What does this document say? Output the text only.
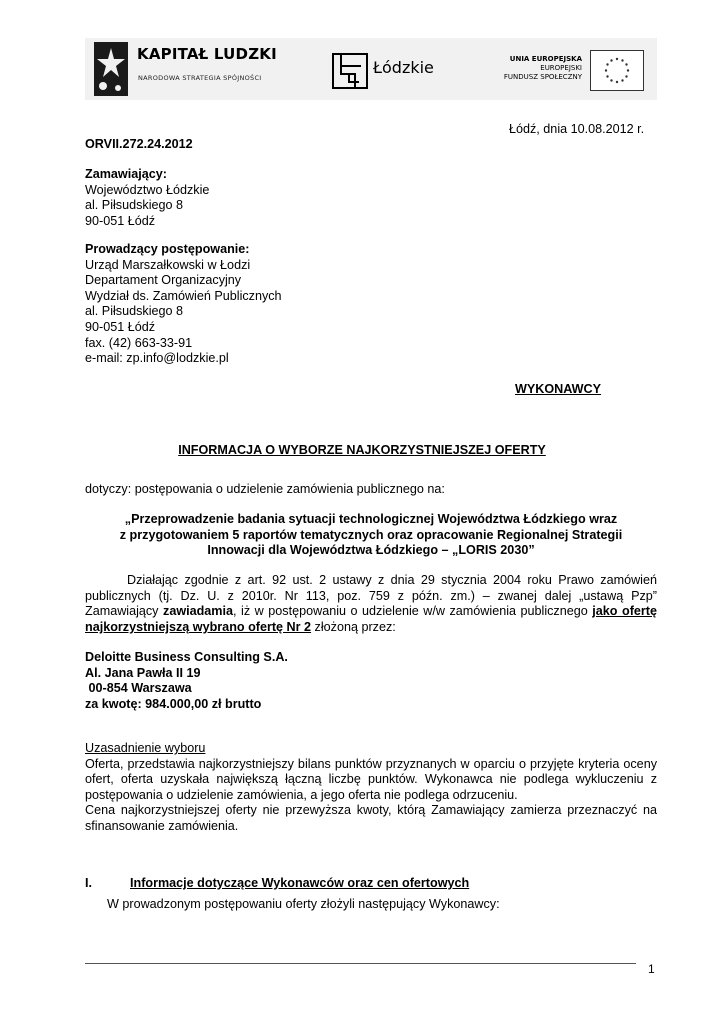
KAPITAŁ LUDZKI
NARODOWA STRATEGIA SPÓJNOŚCI
Łódzkie	UNIA EUROPEJSKA
EUROPEJSKI
FUNDUSZ SPOŁECZNY
Łódź, dnia 10.08.2012 r.
ORVII.272.24.2012
Zamawiający:
Województwo Łódzkie
al. Piłsudskiego 8
90-051 Łódź
Prowadzący postępowanie:
Urząd Marszałkowski w Łodzi
Departament Organizacyjny
Wydział ds. Zamówień Publicznych
al. Piłsudskiego 8
90-051 Łódź
fax. (42) 663-33-91
e-mail: zp.info@lodzkie.pl
WYKONAWCY
INFORMACJA O WYBORZE NAJKORZYSTNIEJSZEJ OFERTY
dotyczy: postępowania o udzielenie zamówienia publicznego na:
„Przeprowadzenie badania sytuacji technologicznej Województwa Łódzkiego wraz
z przygotowaniem 5 raportów tematycznych oraz opracowanie Regionalnej Strategii
Innowacji dla Województwa Łódzkiego – „LORIS 2030”
Działając zgodnie z art. 92 ust. 2 ustawy z dnia 29 stycznia 2004 roku Prawo zamówień publicznych (tj. Dz. U. z 2010r. Nr 113, poz. 759 z późn. zm.) – zwanej dalej „ustawą Pzp” Zamawiający zawiadamia, iż w postępowaniu o udzielenie w/w zamówienia publicznego jako ofertę najkorzystniejszą wybrano ofertę Nr 2 złożoną przez:
Deloitte Business Consulting S.A.
Al. Jana Pawła II 19
00-854 Warszawa
za kwotę: 984.000,00 zł brutto
Uzasadnienie wyboru
Oferta, przedstawia najkorzystniejszy bilans punktów przyznanych w oparciu o przyjęte kryteria oceny ofert, oferta uzyskała największą łączną liczbę punktów. Wykonawca nie podlega wykluczeniu z postępowania o udzielenie zamówienia, a jego oferta nie podlega odrzuceniu.
Cena najkorzystniejszej oferty nie przewyższa kwoty, którą Zamawiający zamierza przeznaczyć na sfinansowanie zamówienia.
I.	Informacje dotyczące Wykonawców oraz cen ofertowych
W prowadzonym postępowaniu oferty złożyli następujący Wykonawcy:
1
